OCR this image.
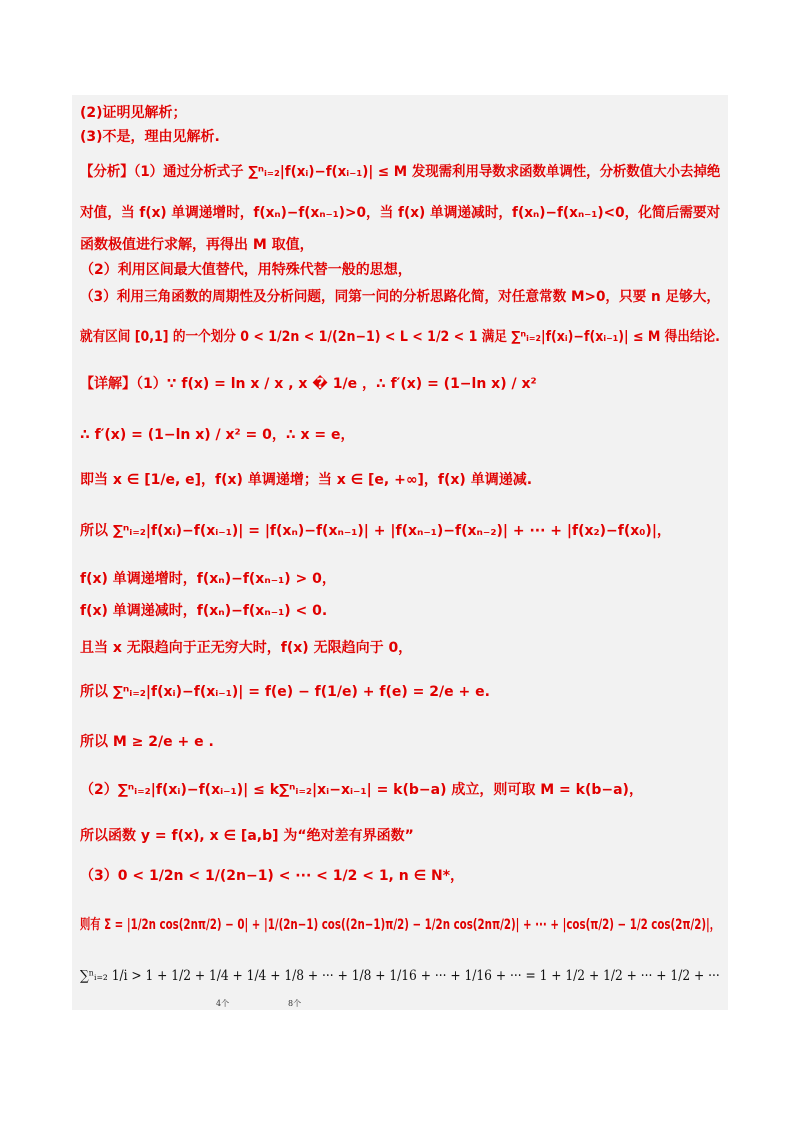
(2)证明见解析；
(3)不是，理由见解析.
【分析】（1）通过分析式子 ∑ⁿᵢ₌₂|f(xᵢ)−f(xᵢ₋₁)| ≤ M 发现需利用导数求函数单调性，分析数值大小去掉绝
对值，当 f(x) 单调递增时，f(xₙ)−f(xₙ₋₁)>0，当 f(x) 单调递减时，f(xₙ)−f(xₙ₋₁)<0，化简后需要对
函数极值进行求解，再得出 M 取值，
（2）利用区间最大值替代，用特殊代替一般的思想，
（3）利用三角函数的周期性及分析问题，同第一问的分析思路化简，对任意常数 M>0，只要 n 足够大，
就有区间 [0,1] 的一个划分 0 < 1/2n < 1/(2n−1) < L < 1/2 < 1 满足 ∑ⁿᵢ₌₂|f(xᵢ)−f(xᵢ₋₁)| ≤ M 得出结论.
【详解】（1）∵ f(x) = ln x / x , x � 1/e ，∴ f′(x) = (1−ln x) / x²
∴ f′(x) = (1−ln x) / x² = 0，∴ x = e，
即当 x ∈ [1/e, e]，f(x) 单调递增；当 x ∈ [e, +∞]，f(x) 单调递减.
所以 ∑ⁿᵢ₌₂|f(xᵢ)−f(xᵢ₋₁)| = |f(xₙ)−f(xₙ₋₁)| + |f(xₙ₋₁)−f(xₙ₋₂)| + ··· + |f(x₂)−f(x₀)|，
f(x) 单调递增时，f(xₙ)−f(xₙ₋₁) > 0，
f(x) 单调递减时，f(xₙ)−f(xₙ₋₁) < 0.
且当 x 无限趋向于正无穷大时，f(x) 无限趋向于 0，
所以 ∑ⁿᵢ₌₂|f(xᵢ)−f(xᵢ₋₁)| = f(e) − f(1/e) + f(e) = 2/e + e.
所以 M ≥ 2/e + e .
（2）∑ⁿᵢ₌₂|f(xᵢ)−f(xᵢ₋₁)| ≤ k∑ⁿᵢ₌₂|xᵢ−xᵢ₋₁| = k(b−a) 成立，则可取 M = k(b−a)，
所以函数 y = f(x), x ∈ [a,b] 为“绝对差有界函数”
（3）0 < 1/2n < 1/(2n−1) < ··· < 1/2 < 1, n ∈ N*，
则有 Σ = |1/2n cos(2nπ/2) − 0| + |1/(2n−1) cos((2n−1)π/2) − 1/2n cos(2nπ/2)| + ··· + |cos(π/2) − 1/2 cos(2π/2)|，
∑ⁿᵢ₌₂ 1/i > 1 + 1/2 + 1/4 + 1/4 + 1/8 + ··· + 1/8 + 1/16 + ··· + 1/16 + ··· = 1 + 1/2 + 1/2 + ··· + 1/2 + ···
4个	8个
